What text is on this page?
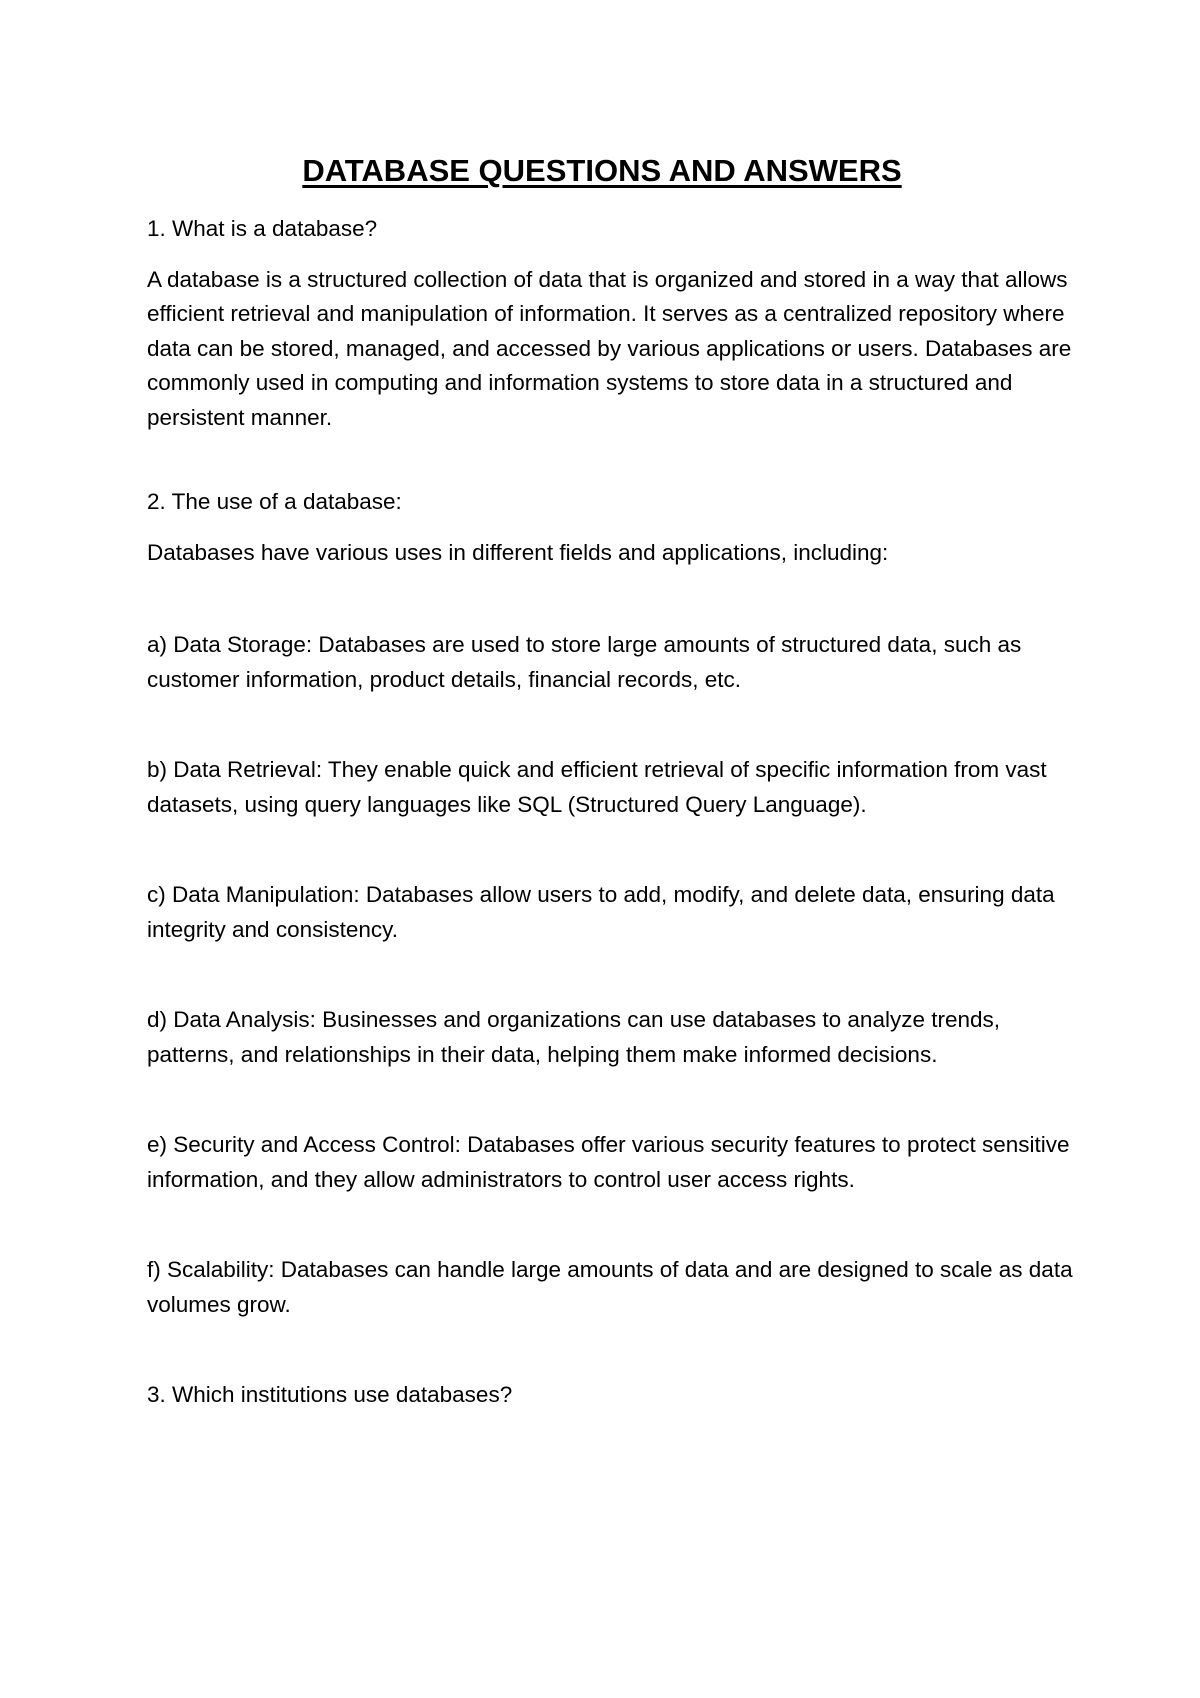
DATABASE QUESTIONS AND ANSWERS

1. What is a database?

A database is a structured collection of data that is organized and stored in a way that allows efficient retrieval and manipulation of information. It serves as a centralized repository where data can be stored, managed, and accessed by various applications or users. Databases are commonly used in computing and information systems to store data in a structured and persistent manner.

2. The use of a database:

Databases have various uses in different fields and applications, including:

a) Data Storage: Databases are used to store large amounts of structured data, such as customer information, product details, financial records, etc.

b) Data Retrieval: They enable quick and efficient retrieval of specific information from vast datasets, using query languages like SQL (Structured Query Language).

c) Data Manipulation: Databases allow users to add, modify, and delete data, ensuring data integrity and consistency.

d) Data Analysis: Businesses and organizations can use databases to analyze trends, patterns, and relationships in their data, helping them make informed decisions.

e) Security and Access Control: Databases offer various security features to protect sensitive information, and they allow administrators to control user access rights.

f) Scalability: Databases can handle large amounts of data and are designed to scale as data volumes grow.

3. Which institutions use databases?
